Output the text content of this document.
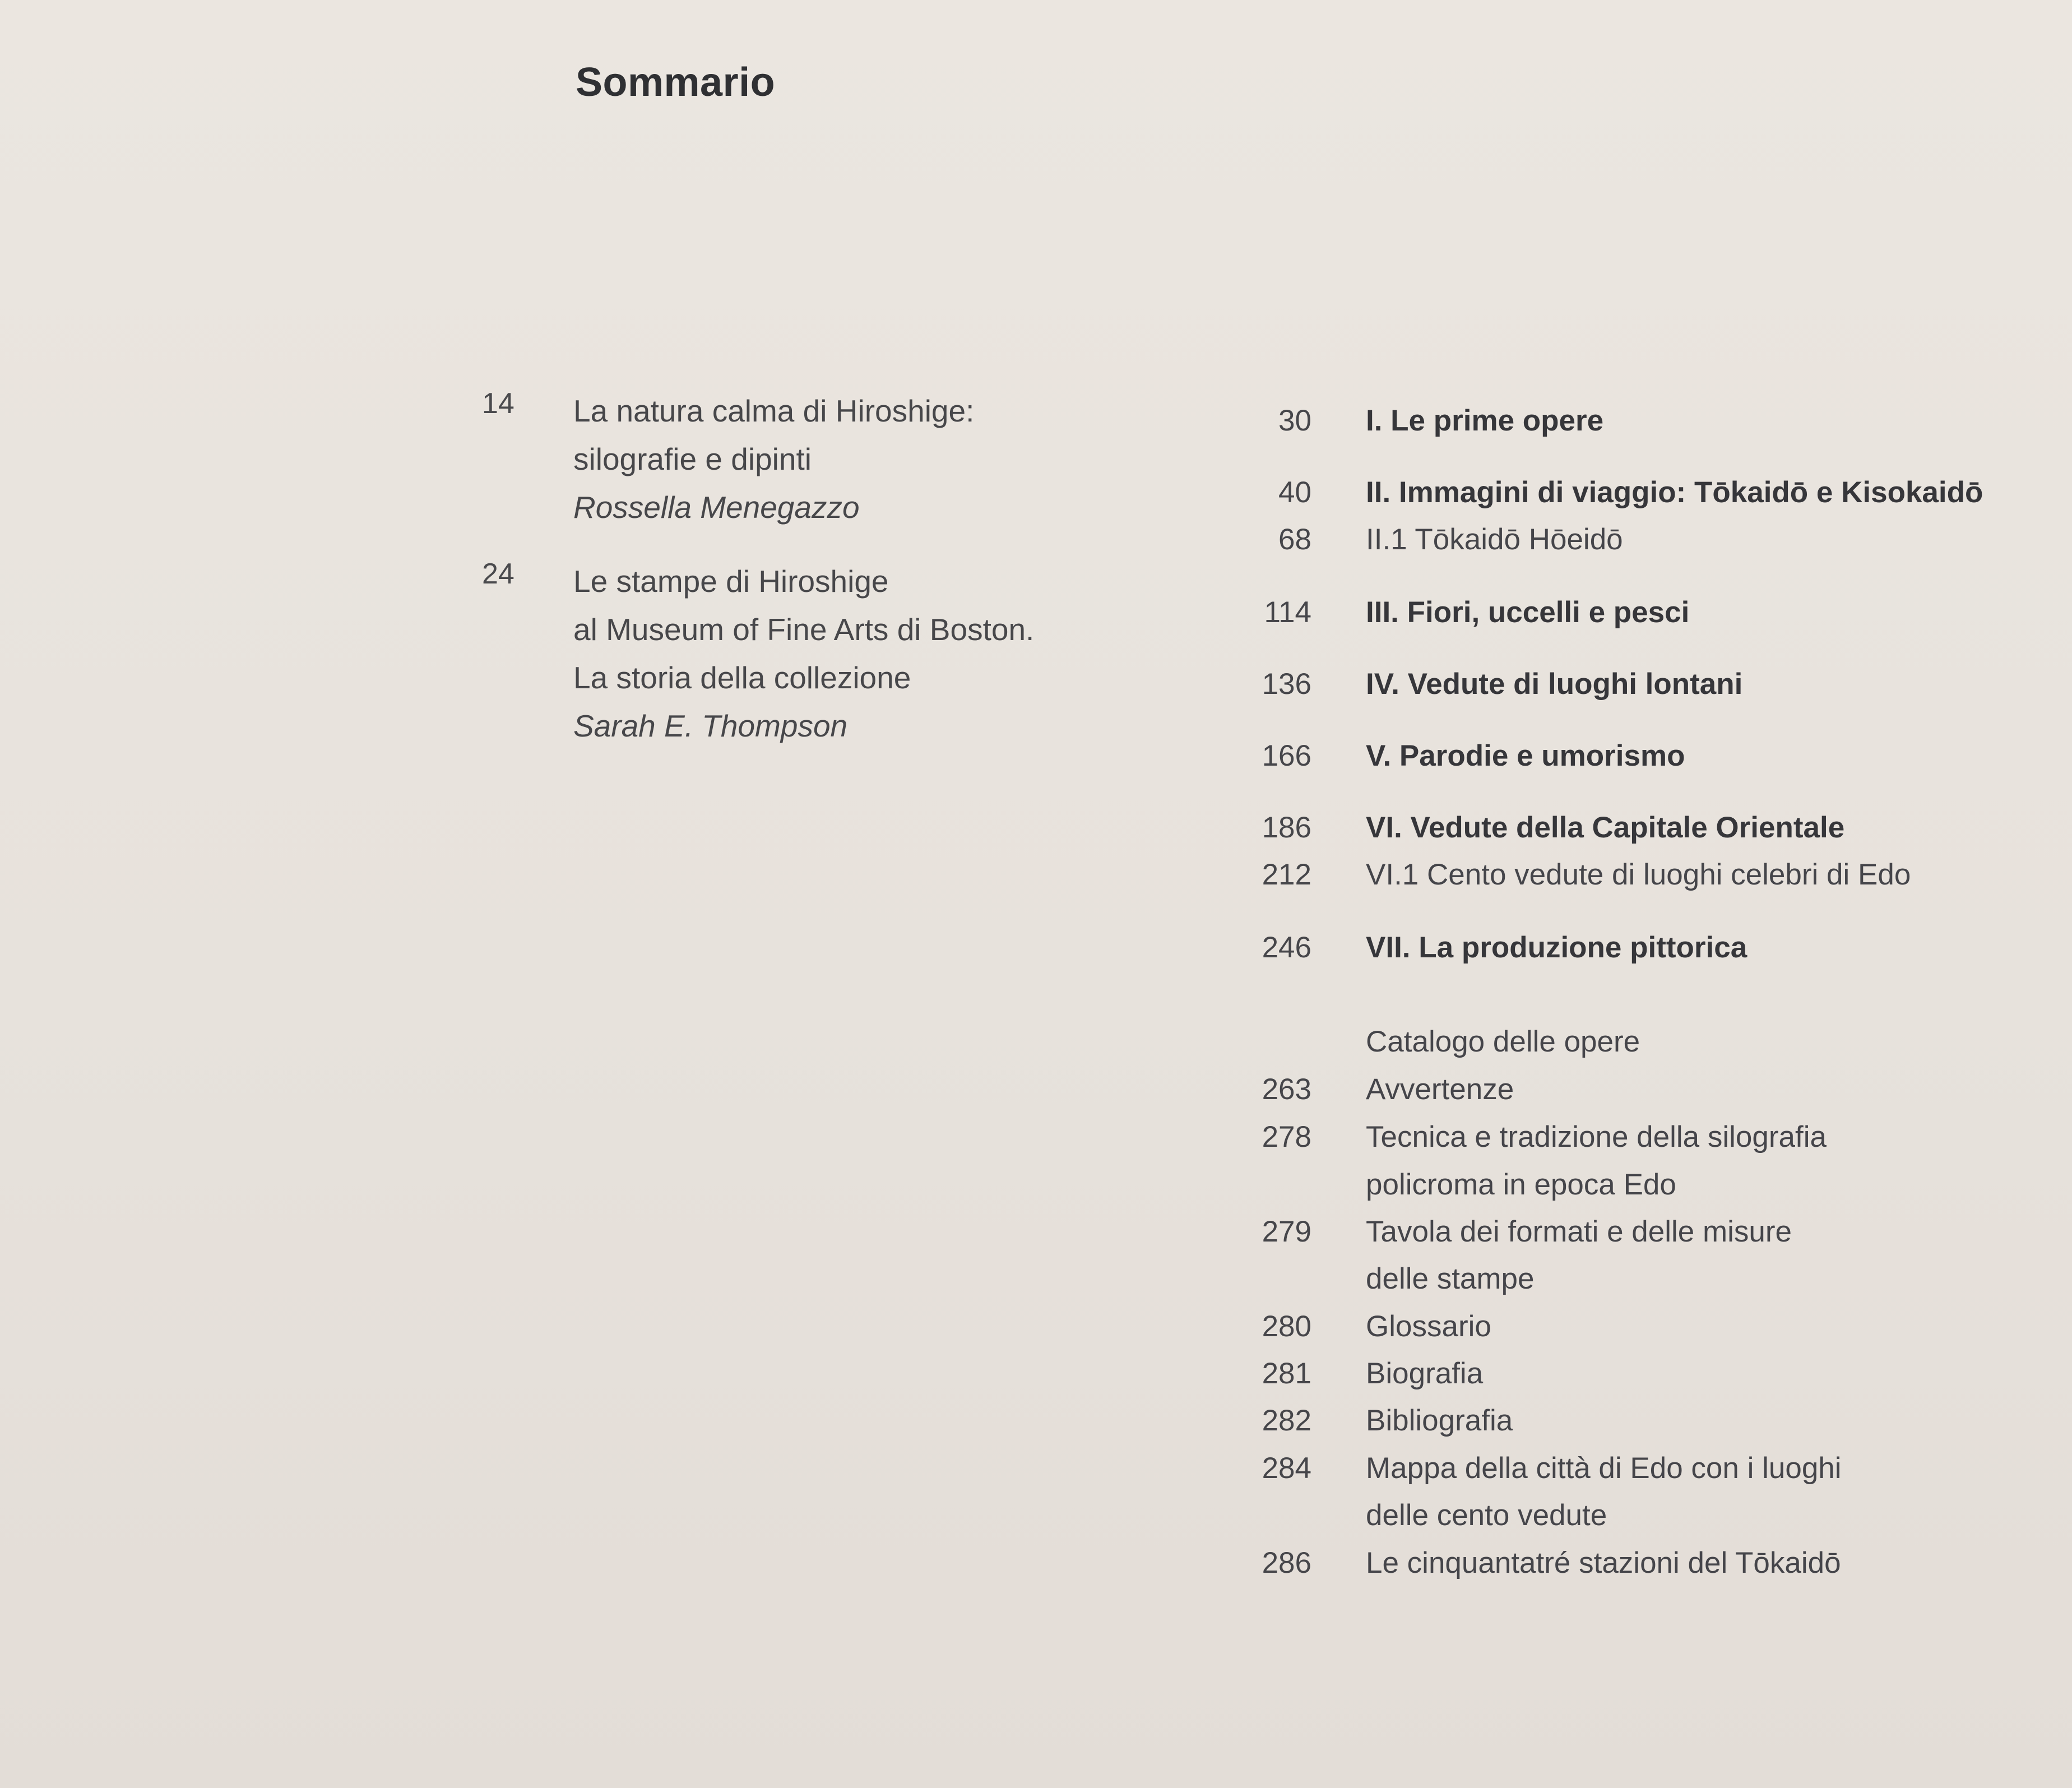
Sommario
14 La natura calma di Hiroshige:
silografie e dipinti
Rossella Menegazzo
24 Le stampe di Hiroshige
al Museum of Fine Arts di Boston.
La storia della collezione
Sarah E. Thompson
30 I. Le prime opere
40 II. Immagini di viaggio: Tōkaidō e Kisokaidō
68 II.1 Tōkaidō Hōeidō
114 III. Fiori, uccelli e pesci
136 IV. Vedute di luoghi lontani
166 V. Parodie e umorismo
186 VI. Vedute della Capitale Orientale
212 VI.1 Cento vedute di luoghi celebri di Edo
246 VII. La produzione pittorica
Catalogo delle opere
263 Avvertenze
278 Tecnica e tradizione della silografia
policroma in epoca Edo
279 Tavola dei formati e delle misure
delle stampe
280 Glossario
281 Biografia
282 Bibliografia
284 Mappa della città di Edo con i luoghi
delle cento vedute
286 Le cinquantatré stazioni del Tōkaidō
